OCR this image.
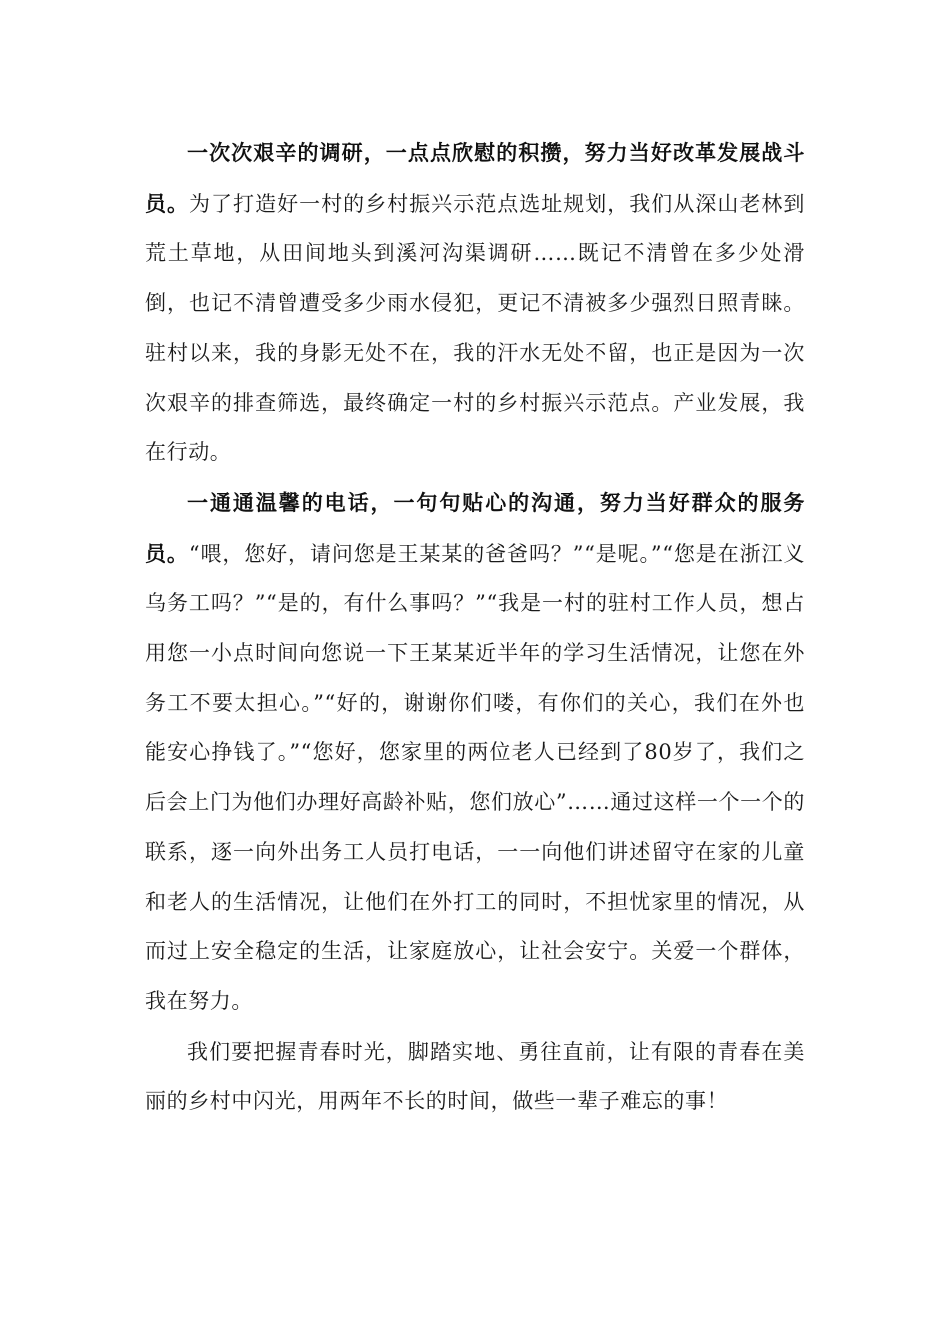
一次次艰辛的调研，一点点欣慰的积攒，努力当好改革发展战斗员。为了打造好一村的乡村振兴示范点选址规划，我们从深山老林到荒土草地，从田间地头到溪河沟渠调研……既记不清曾在多少处滑倒，也记不清曾遭受多少雨水侵犯，更记不清被多少强烈日照青睐。驻村以来，我的身影无处不在，我的汗水无处不留，也正是因为一次次艰辛的排查筛选，最终确定一村的乡村振兴示范点。产业发展，我在行动。

一通通温馨的电话，一句句贴心的沟通，努力当好群众的服务员。“喂，您好，请问您是王某某的爸爸吗？”“是呢。”“您是在浙江义乌务工吗？”“是的，有什么事吗？”“我是一村的驻村工作人员，想占用您一小点时间向您说一下王某某近半年的学习生活情况，让您在外务工不要太担心。”“好的，谢谢你们喽，有你们的关心，我们在外也能安心挣钱了。”“您好，您家里的两位老人已经到了80岁了，我们之后会上门为他们办理好高龄补贴，您们放心”……通过这样一个一个的联系，逐一向外出务工人员打电话，一一向他们讲述留守在家的儿童和老人的生活情况，让他们在外打工的同时，不担忧家里的情况，从而过上安全稳定的生活，让家庭放心，让社会安宁。关爱一个群体，我在努力。

我们要把握青春时光，脚踏实地、勇往直前，让有限的青春在美丽的乡村中闪光，用两年不长的时间，做些一辈子难忘的事！
